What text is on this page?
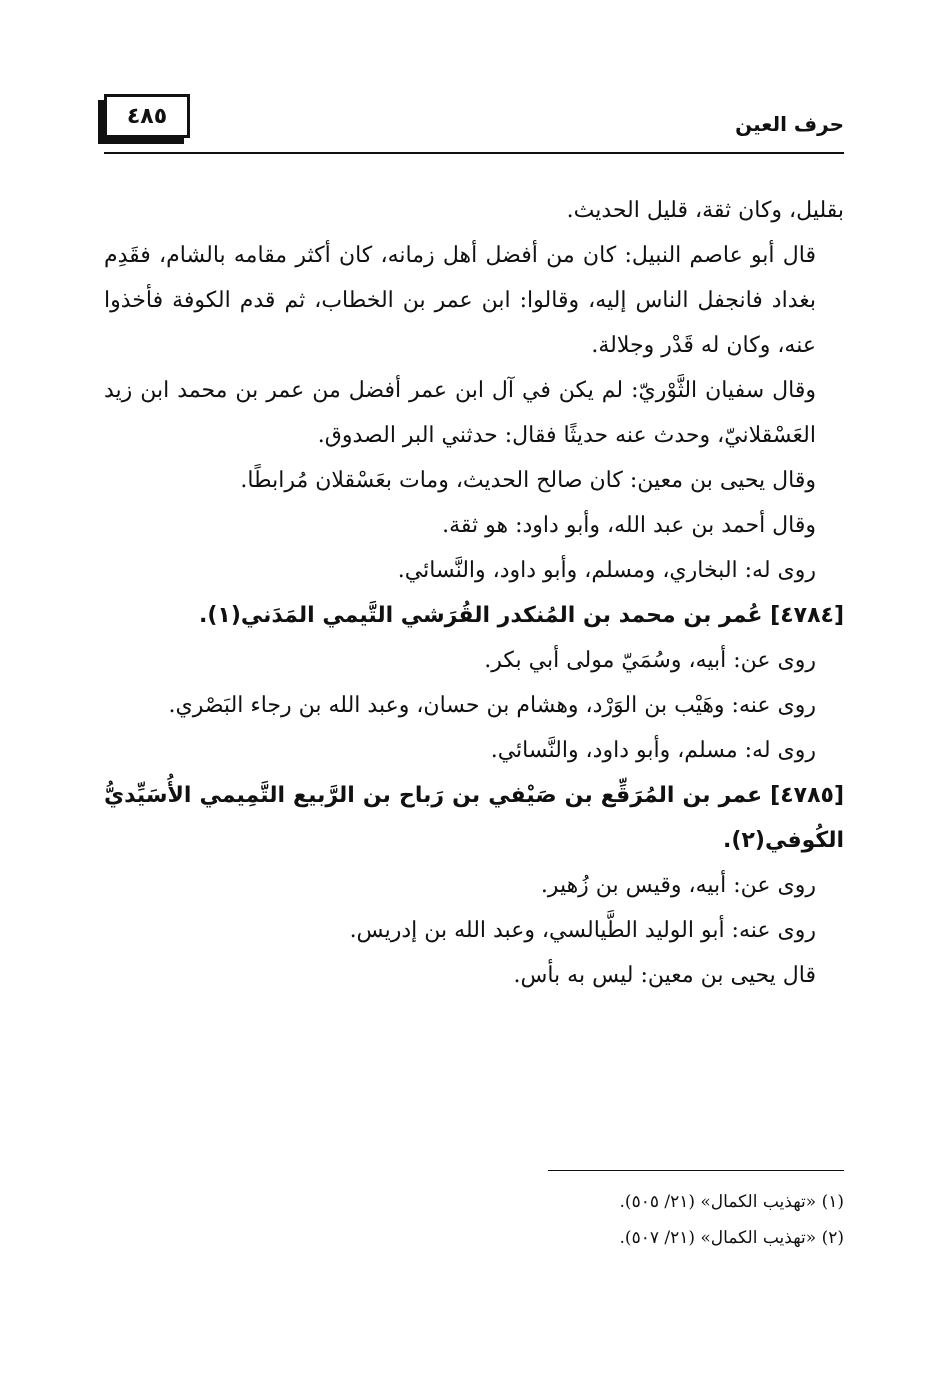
٤٨٥	حرف العين

بقليل، وكان ثقة، قليل الحديث.

قال أبو عاصم النبيل: كان من أفضل أهل زمانه، كان أكثر مقامه بالشام، فقَدِم بغداد فانجفل الناس إليه، وقالوا: ابن عمر بن الخطاب، ثم قدم الكوفة فأخذوا عنه، وكان له قَدْر وجلالة.

وقال سفيان الثَّوْريّ: لم يكن في آل ابن عمر أفضل من عمر بن محمد ابن زيد العَسْقلانيّ، وحدث عنه حديثًا فقال: حدثني البر الصدوق.

وقال يحيى بن معين: كان صالح الحديث، ومات بعَسْقلان مُرابطًا.

وقال أحمد بن عبد الله، وأبو داود: هو ثقة.

روى له: البخاري، ومسلم، وأبو داود، والنَّسائي.

[٤٧٨٤] عُمر بن محمد بن المُنكدر القُرَشي التَّيمي المَدَني(١).

روى عن: أبيه، وسُمَيّ مولى أبي بكر.

روى عنه: وهَيْب بن الوَرْد، وهشام بن حسان، وعبد الله بن رجاء البَصْري.

روى له: مسلم، وأبو داود، والنَّسائي.

[٤٧٨٥] عمر بن المُرَقِّع بن صَيْفي بن رَباح بن الرَّبيع التَّمِيمي الأُسَيِّديُّ الكُوفي(٢).

روى عن: أبيه، وقيس بن زُهير.

روى عنه: أبو الوليد الطَّيالسي، وعبد الله بن إدريس.

قال يحيى بن معين: ليس به بأس.

(١) «تهذيب الكمال» (٢١/ ٥٠٥).

(٢) «تهذيب الكمال» (٢١/ ٥٠٧).
